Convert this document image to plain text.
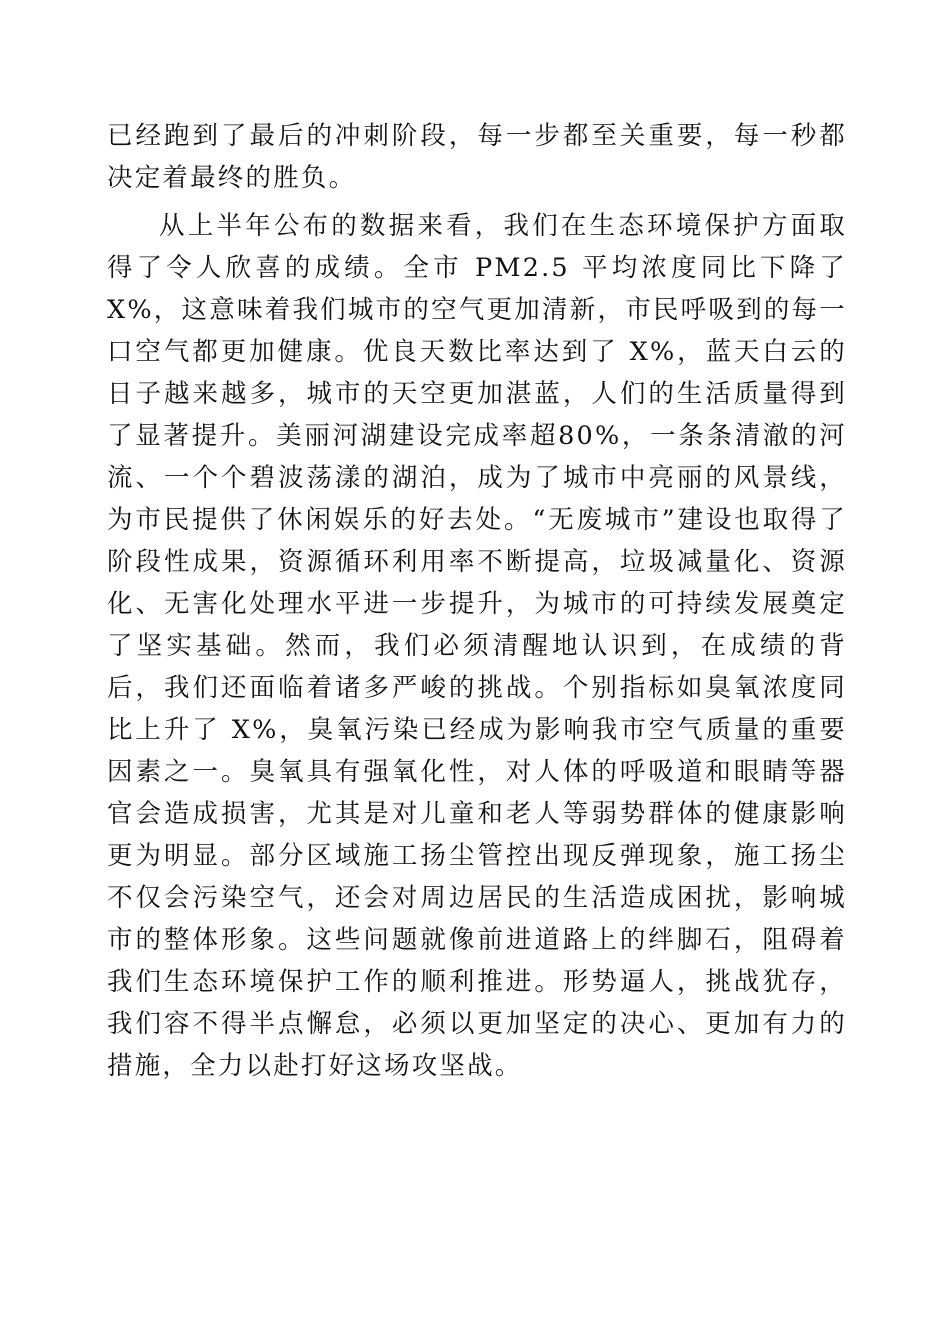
已经跑到了最后的冲刺阶段，每一步都至关重要，每一秒都决定着最终的胜负。

从上半年公布的数据来看，我们在生态环境保护方面取得了令人欣喜的成绩。全市 PM2.5 平均浓度同比下降了 X%，这意味着我们城市的空气更加清新，市民呼吸到的每一口空气都更加健康。优良天数比率达到了 X%，蓝天白云的日子越来越多，城市的天空更加湛蓝，人们的生活质量得到了显著提升。美丽河湖建设完成率超80%，一条条清澈的河流、一个个碧波荡漾的湖泊，成为了城市中亮丽的风景线，为市民提供了休闲娱乐的好去处。“无废城市”建设也取得了阶段性成果，资源循环利用率不断提高，垃圾减量化、资源化、无害化处理水平进一步提升，为城市的可持续发展奠定了坚实基础。然而，我们必须清醒地认识到，在成绩的背后，我们还面临着诸多严峻的挑战。个别指标如臭氧浓度同比上升了 X%，臭氧污染已经成为影响我市空气质量的重要因素之一。臭氧具有强氧化性，对人体的呼吸道和眼睛等器官会造成损害，尤其是对儿童和老人等弱势群体的健康影响更为明显。部分区域施工扬尘管控出现反弹现象，施工扬尘不仅会污染空气，还会对周边居民的生活造成困扰，影响城市的整体形象。这些问题就像前进道路上的绊脚石，阻碍着我们生态环境保护工作的顺利推进。形势逼人，挑战犹存，我们容不得半点懈怠，必须以更加坚定的决心、更加有力的措施，全力以赴打好这场攻坚战。
